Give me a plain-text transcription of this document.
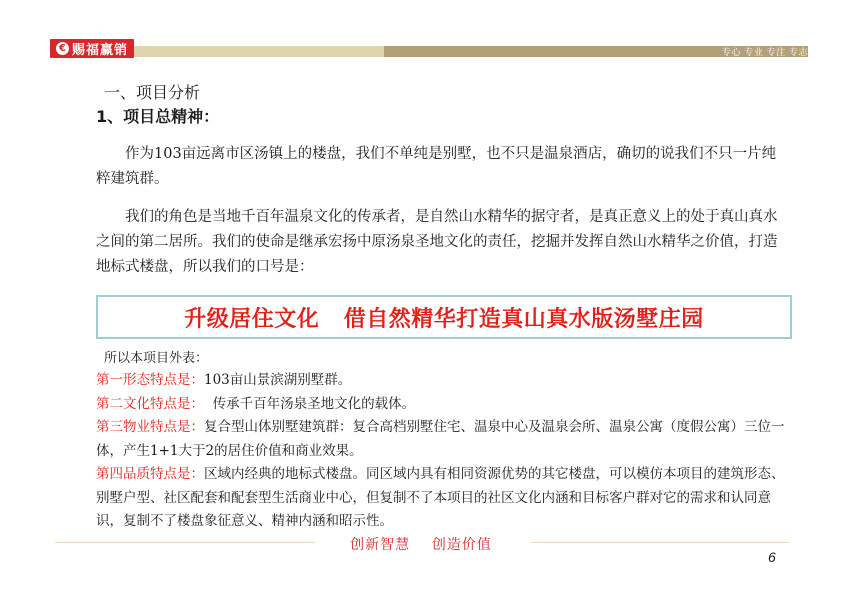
€ 赐福赢销	专心 专业 专注 专志
一、项目分析
1、项目总精神：

作为103亩远离市区汤镇上的楼盘，我们不单纯是别墅，也不只是温泉酒店，确切的说我们不只一片纯粹建筑群。

我们的角色是当地千百年温泉文化的传承者，是自然山水精华的据守者，是真正意义上的处于真山真水之间的第二居所。我们的使命是继承宏扬中原汤泉圣地文化的责任，挖掘并发挥自然山水精华之价值，打造地标式楼盘，所以我们的口号是：

升级居住文化   借自然精华打造真山真水版汤墅庄园
所以本项目外表：

第一形态特点是：103亩山景滨湖别墅群。

第二文化特点是：  传承千百年汤泉圣地文化的载体。

第三物业特点是：复合型山体别墅建筑群：复合高档别墅住宅、温泉中心及温泉会所、温泉公寓（度假公寓）三位一体，产生1+1大于2的居住价值和商业效果。

第四品质特点是：区域内经典的地标式楼盘。同区域内具有相同资源优势的其它楼盘，可以模仿本项目的建筑形态、别墅户型、社区配套和配套型生活商业中心，但复制不了本项目的社区文化内涵和目标客户群对它的需求和认同意识，复制不了楼盘象征意义、精神内涵和昭示性。

创新智慧    创造价值
6
